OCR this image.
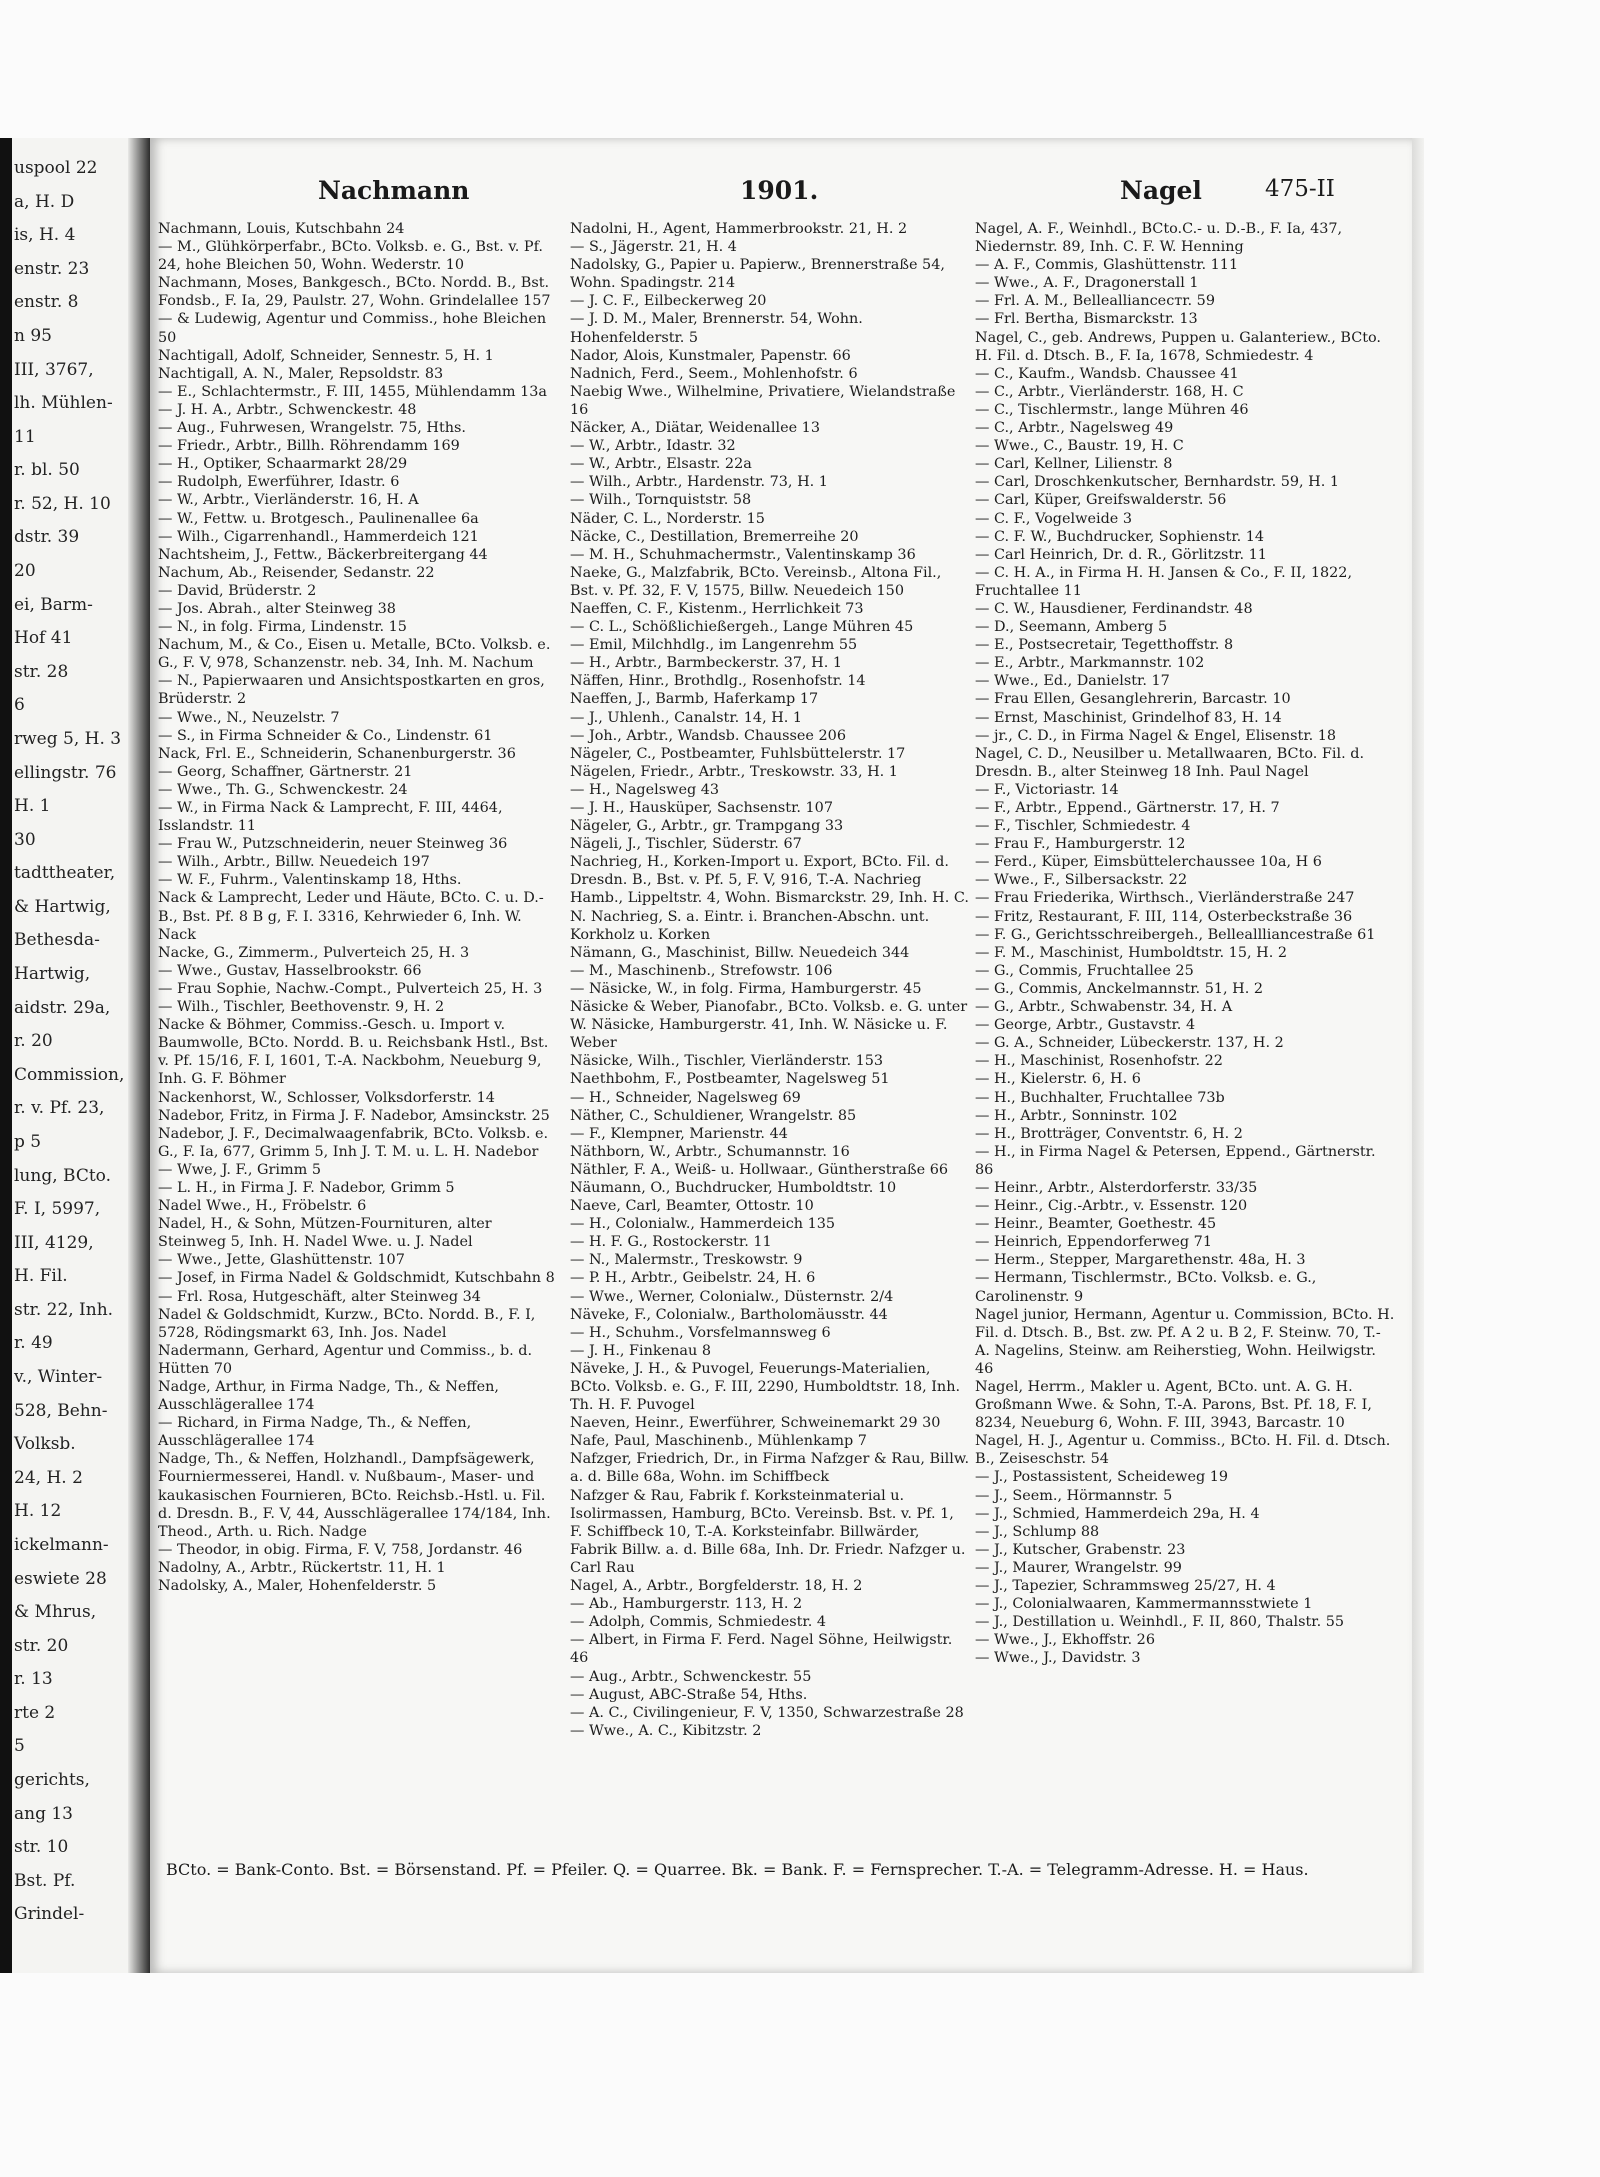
uspool 22
a, H. D
is, H. 4
enstr. 23
enstr. 8
n 95
III, 3767,
lh. Mühlen-
11
r. bl. 50
r. 52, H. 10
dstr. 39
20
ei, Barm-
Hof 41
str. 28
6
rweg 5, H. 3
ellingstr. 76
H. 1
30
tadttheater,
& Hartwig,
Bethesda-
Hartwig,
aidstr. 29a,
r. 20
Commission,
r. v. Pf. 23,
p 5
lung, BCto.
F. I, 5997,
III, 4129,
H. Fil.
str. 22, Inh.
r. 49
v., Winter-
528, Behn-
Volksb.
24, H. 2
H. 12
ickelmann-
eswiete 28
& Mhrus,
str. 20
r. 13
rte 2
5
gerichts,
ang 13
str. 10
Bst. Pf.
Grindel-
Nachmann	1901.	Nagel	475-II

Nachmann, Louis, Kutschbahn 24

— M., Glühkörperfabr., BCto. Volksb. e. G., Bst. v. Pf. 24, hohe Bleichen 50, Wohn. Wederstr. 10

Nachmann, Moses, Bankgesch., BCto. Nordd. B., Bst. Fondsb., F. Ia, 29, Paulstr. 27, Wohn. Grindelallee 157

— & Ludewig, Agentur und Commiss., hohe Bleichen 50

Nachtigall, Adolf, Schneider, Sennestr. 5, H. 1

Nachtigall, A. N., Maler, Repsoldstr. 83

— E., Schlachtermstr., F. III, 1455, Mühlendamm 13a

— J. H. A., Arbtr., Schwenckestr. 48

— Aug., Fuhrwesen, Wrangelstr. 75, Hths.

— Friedr., Arbtr., Billh. Röhrendamm 169

— H., Optiker, Schaarmarkt 28/29

— Rudolph, Ewerführer, Idastr. 6

— W., Arbtr., Vierländerstr. 16, H. A

— W., Fettw. u. Brotgesch., Paulinenallee 6a

— Wilh., Cigarrenhandl., Hammerdeich 121

Nachtsheim, J., Fettw., Bäckerbreitergang 44

Nachum, Ab., Reisender, Sedanstr. 22

— David, Brüderstr. 2

— Jos. Abrah., alter Steinweg 38

— N., in folg. Firma, Lindenstr. 15

Nachum, M., & Co., Eisen u. Metalle, BCto. Volksb. e. G., F. V, 978, Schanzenstr. neb. 34, Inh. M. Nachum

— N., Papierwaaren und Ansichtspostkarten en gros, Brüderstr. 2

— Wwe., N., Neuzelstr. 7

— S., in Firma Schneider & Co., Lindenstr. 61

Nack, Frl. E., Schneiderin, Schanenburgerstr. 36

— Georg, Schaffner, Gärtnerstr. 21

— Wwe., Th. G., Schwenckestr. 24

— W., in Firma Nack & Lamprecht, F. III, 4464, Isslandstr. 11

— Frau W., Putzschneiderin, neuer Steinweg 36

— Wilh., Arbtr., Billw. Neuedeich 197

— W. F., Fuhrm., Valentinskamp 18, Hths.

Nack & Lamprecht, Leder und Häute, BCto. C. u. D.-B., Bst. Pf. 8 B g, F. I. 3316, Kehrwieder 6, Inh. W. Nack

Nacke, G., Zimmerm., Pulverteich 25, H. 3

— Wwe., Gustav, Hasselbrookstr. 66

— Frau Sophie, Nachw.-Compt., Pulverteich 25, H. 3

— Wilh., Tischler, Beethovenstr. 9, H. 2

Nacke & Böhmer, Commiss.-Gesch. u. Import v. Baumwolle, BCto. Nordd. B. u. Reichsbank Hstl., Bst. v. Pf. 15/16, F. I, 1601, T.-A. Nackbohm, Neueburg 9, Inh. G. F. Böhmer

Nackenhorst, W., Schlosser, Volksdorferstr. 14

Nadebor, Fritz, in Firma J. F. Nadebor, Amsinckstr. 25

Nadebor, J. F., Decimalwaagenfabrik, BCto. Volksb. e. G., F. Ia, 677, Grimm 5, Inh J. T. M. u. L. H. Nadebor

— Wwe, J. F., Grimm 5

— L. H., in Firma J. F. Nadebor, Grimm 5

Nadel Wwe., H., Fröbelstr. 6

Nadel, H., & Sohn, Mützen-Fournituren, alter Steinweg 5, Inh. H. Nadel Wwe. u. J. Nadel

— Wwe., Jette, Glashüttenstr. 107

— Josef, in Firma Nadel & Goldschmidt, Kutschbahn 8

— Frl. Rosa, Hutgeschäft, alter Steinweg 34

Nadel & Goldschmidt, Kurzw., BCto. Nordd. B., F. I, 5728, Rödingsmarkt 63, Inh. Jos. Nadel

Nadermann, Gerhard, Agentur und Commiss., b. d. Hütten 70

Nadge, Arthur, in Firma Nadge, Th., & Neffen, Ausschlägerallee 174

— Richard, in Firma Nadge, Th., & Neffen, Ausschlägerallee 174

Nadge, Th., & Neffen, Holzhandl., Dampfsägewerk, Fourniermesserei, Handl. v. Nußbaum-, Maser- und kaukasischen Fournieren, BCto. Reichsb.-Hstl. u. Fil. d. Dresdn. B., F. V, 44, Ausschlägerallee 174/184, Inh. Theod., Arth. u. Rich. Nadge

— Theodor, in obig. Firma, F. V, 758, Jordanstr. 46

Nadolny, A., Arbtr., Rückertstr. 11, H. 1

Nadolsky, A., Maler, Hohenfelderstr. 5

Nadolni, H., Agent, Hammerbrookstr. 21, H. 2

— S., Jägerstr. 21, H. 4

Nadolsky, G., Papier u. Papierw., Brennerstraße 54, Wohn. Spadingstr. 214

— J. C. F., Eilbeckerweg 20

— J. D. M., Maler, Brennerstr. 54, Wohn. Hohenfelderstr. 5

Nador, Alois, Kunstmaler, Papenstr. 66

Nadnich, Ferd., Seem., Mohlenhofstr. 6

Naebig Wwe., Wilhelmine, Privatiere, Wielandstraße 16

Näcker, A., Diätar, Weidenallee 13

— W., Arbtr., Idastr. 32

— W., Arbtr., Elsastr. 22a

— Wilh., Arbtr., Hardenstr. 73, H. 1

— Wilh., Tornquiststr. 58

Näder, C. L., Norderstr. 15

Näcke, C., Destillation, Bremerreihe 20

— M. H., Schuhmachermstr., Valentinskamp 36

Naeke, G., Malzfabrik, BCto. Vereinsb., Altona Fil., Bst. v. Pf. 32, F. V, 1575, Billw. Neuedeich 150

Naeffen, C. F., Kistenm., Herrlichkeit 73

— C. L., Schößlichießergeh., Lange Mühren 45

— Emil, Milchhdlg., im Langenrehm 55

— H., Arbtr., Barmbeckerstr. 37, H. 1

Näffen, Hinr., Brothdlg., Rosenhofstr. 14

Naeffen, J., Barmb, Haferkamp 17

— J., Uhlenh., Canalstr. 14, H. 1

— Joh., Arbtr., Wandsb. Chaussee 206

Nägeler, C., Postbeamter, Fuhlsbüttelerstr. 17

Nägelen, Friedr., Arbtr., Treskowstr. 33, H. 1

— H., Nagelsweg 43

— J. H., Hausküper, Sachsenstr. 107

Nägeler, G., Arbtr., gr. Trampgang 33

Nägeli, J., Tischler, Süderstr. 67

Nachrieg, H., Korken-Import u. Export, BCto. Fil. d. Dresdn. B., Bst. v. Pf. 5, F. V, 916, T.-A. Nachrieg Hamb., Lippeltstr. 4, Wohn. Bismarckstr. 29, Inh. H. C. N. Nachrieg, S. a. Eintr. i. Branchen-Abschn. unt. Korkholz u. Korken

Nämann, G., Maschinist, Billw. Neuedeich 344

— M., Maschinenb., Strefowstr. 106

— Näsicke, W., in folg. Firma, Hamburgerstr. 45

Näsicke & Weber, Pianofabr., BCto. Volksb. e. G. unter W. Näsicke, Hamburgerstr. 41, Inh. W. Näsicke u. F. Weber

Näsicke, Wilh., Tischler, Vierländerstr. 153

Naethbohm, F., Postbeamter, Nagelsweg 51

— H., Schneider, Nagelsweg 69

Näther, C., Schuldiener, Wrangelstr. 85

— F., Klempner, Marienstr. 44

Näthborn, W., Arbtr., Schumannstr. 16

Näthler, F. A., Weiß- u. Hollwaar., Güntherstraße 66

Näumann, O., Buchdrucker, Humboldtstr. 10

Naeve, Carl, Beamter, Ottostr. 10

— H., Colonialw., Hammerdeich 135

— H. F. G., Rostockerstr. 11

— N., Malermstr., Treskowstr. 9

— P. H., Arbtr., Geibelstr. 24, H. 6

— Wwe., Werner, Colonialw., Düsternstr. 2/4

Näveke, F., Colonialw., Bartholomäusstr. 44

— H., Schuhm., Vorsfelmannsweg 6

— J. H., Finkenau 8

Näveke, J. H., & Puvogel, Feuerungs-Materialien, BCto. Volksb. e. G., F. III, 2290, Humboldtstr. 18, Inh. Th. H. F. Puvogel

Naeven, Heinr., Ewerführer, Schweinemarkt 29 30

Nafe, Paul, Maschinenb., Mühlenkamp 7

Nafzger, Friedrich, Dr., in Firma Nafzger & Rau, Billw. a. d. Bille 68a, Wohn. im Schiffbeck

Nafzger & Rau, Fabrik f. Korksteinmaterial u. Isolirmassen, Hamburg, BCto. Vereinsb. Bst. v. Pf. 1, F. Schiffbeck 10, T.-A. Korksteinfabr. Billwärder, Fabrik Billw. a. d. Bille 68a, Inh. Dr. Friedr. Nafzger u. Carl Rau

Nagel, A., Arbtr., Borgfelderstr. 18, H. 2

— Ab., Hamburgerstr. 113, H. 2

— Adolph, Commis, Schmiedestr. 4

— Albert, in Firma F. Ferd. Nagel Söhne, Heilwigstr. 46

— Aug., Arbtr., Schwenckestr. 55

— August, ABC-Straße 54, Hths.

— A. C., Civilingenieur, F. V, 1350, Schwarzestraße 28

— Wwe., A. C., Kibitzstr. 2

Nagel, A. F., Weinhdl., BCto.C.- u. D.-B., F. Ia, 437, Niedernstr. 89, Inh. C. F. W. Henning

— A. F., Commis, Glashüttenstr. 111

— Wwe., A. F., Dragonerstall 1

— Frl. A. M., Belleallianceстr. 59

— Frl. Bertha, Bismarckstr. 13

Nagel, C., geb. Andrews, Puppen u. Galanteriew., BCto. H. Fil. d. Dtsch. B., F. Ia, 1678, Schmiedestr. 4

— C., Kaufm., Wandsb. Chaussee 41

— C., Arbtr., Vierländerstr. 168, H. C

— C., Tischlermstr., lange Mühren 46

— C., Arbtr., Nagelsweg 49

— Wwe., C., Baustr. 19, H. C

— Carl, Kellner, Lilienstr. 8

— Carl, Droschkenkutscher, Bernhardstr. 59, H. 1

— Carl, Küper, Greifswalderstr. 56

— C. F., Vogelweide 3

— C. F. W., Buchdrucker, Sophienstr. 14

— Carl Heinrich, Dr. d. R., Görlitzstr. 11

— C. H. A., in Firma H. H. Jansen & Co., F. II, 1822, Fruchtallee 11

— C. W., Hausdiener, Ferdinandstr. 48

— D., Seemann, Amberg 5

— E., Postsecretair, Tegetthoffstr. 8

— E., Arbtr., Markmannstr. 102

— Wwe., Ed., Danielstr. 17

— Frau Ellen, Gesanglehrerin, Barcastr. 10

— Ernst, Maschinist, Grindelhof 83, H. 14

— jr., C. D., in Firma Nagel & Engel, Elisenstr. 18

Nagel, C. D., Neusilber u. Metallwaaren, BCto. Fil. d. Dresdn. B., alter Steinweg 18 Inh. Paul Nagel

— F., Victoriastr. 14

— F., Arbtr., Eppend., Gärtnerstr. 17, H. 7

— F., Tischler, Schmiedestr. 4

— Frau F., Hamburgerstr. 12

— Ferd., Küper, Eimsbüttelerchaussee 10a, H 6

— Wwe., F., Silbersackstr. 22

— Frau Friederika, Wirthsch., Vierländerstraße 247

— Fritz, Restaurant, F. III, 114, Osterbeckstraße 36

— F. G., Gerichtsschreibergeh., Belleallliancestraße 61

— F. M., Maschinist, Humboldtstr. 15, H. 2

— G., Commis, Fruchtallee 25

— G., Commis, Anckelmannstr. 51, H. 2

— G., Arbtr., Schwabenstr. 34, H. A

— George, Arbtr., Gustavstr. 4

— G. A., Schneider, Lübeckerstr. 137, H. 2

— H., Maschinist, Rosenhofstr. 22

— H., Kielerstr. 6, H. 6

— H., Buchhalter, Fruchtallee 73b

— H., Arbtr., Sonninstr. 102

— H., Brotträger, Conventstr. 6, H. 2

— H., in Firma Nagel & Petersen, Eppend., Gärtnerstr. 86

— Heinr., Arbtr., Alsterdorferstr. 33/35

— Heinr., Cig.-Arbtr., v. Essenstr. 120

— Heinr., Beamter, Goethestr. 45

— Heinrich, Eppendorferweg 71

— Herm., Stepper, Margarethenstr. 48a, H. 3

— Hermann, Tischlermstr., BCto. Volksb. e. G., Carolinenstr. 9

Nagel junior, Hermann, Agentur u. Commission, BCto. H. Fil. d. Dtsch. B., Bst. zw. Pf. A 2 u. B 2, F. Steinw. 70, T.-A. Nagelins, Steinw. am Reiherstieg, Wohn. Heilwigstr. 46

Nagel, Herrm., Makler u. Agent, BCto. unt. A. G. H. Großmann Wwe. & Sohn, T.-A. Parons, Bst. Pf. 18, F. I, 8234, Neueburg 6, Wohn. F. III, 3943, Barcastr. 10

Nagel, H. J., Agentur u. Commiss., BCto. H. Fil. d. Dtsch. B., Zeiseschstr. 54

— J., Postassistent, Scheideweg 19

— J., Seem., Hörmannstr. 5

— J., Schmied, Hammerdeich 29a, H. 4

— J., Schlump 88

— J., Kutscher, Grabenstr. 23

— J., Maurer, Wrangelstr. 99

— J., Tapezier, Schrammsweg 25/27, H. 4

— J., Colonialwaaren, Kammermannsstwiete 1

— J., Destillation u. Weinhdl., F. II, 860, Thalstr. 55

— Wwe., J., Ekhoffstr. 26

— Wwe., J., Davidstr. 3

BCto. = Bank-Conto. Bst. = Börsenstand. Pf. = Pfeiler. Q. = Quarree. Bk. = Bank. F. = Fernsprecher. T.-A. = Telegramm-Adresse. H. = Haus.
